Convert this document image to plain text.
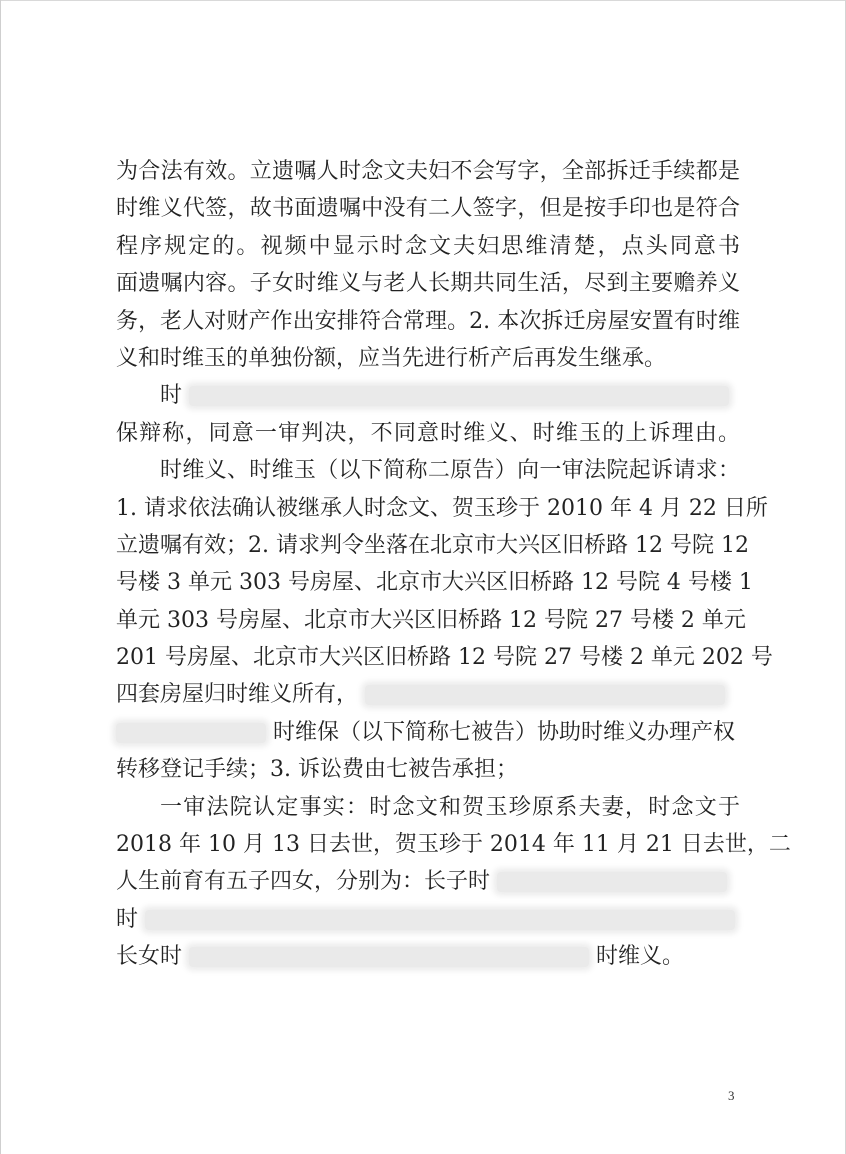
为合法有效。立遗嘱人时念文夫妇不会写字，全部拆迁手续都是
时维义代签，故书面遗嘱中没有二人签字，但是按手印也是符合
程序规定的。视频中显示时念文夫妇思维清楚，点头同意书
面遗嘱内容。子女时维义与老人长期共同生活，尽到主要赡养义
务，老人对财产作出安排符合常理。2. 本次拆迁房屋安置有时维
义和时维玉的单独份额，应当先进行析产后再发生继承。
时
保辩称，同意一审判决，不同意时维义、时维玉的上诉理由。
时维义、时维玉（以下简称二原告）向一审法院起诉请求：
1. 请求依法确认被继承人时念文、贺玉珍于 2010 年 4 月 22 日所
立遗嘱有效；2. 请求判令坐落在北京市大兴区旧桥路 12 号院 12
号楼 3 单元 303 号房屋、北京市大兴区旧桥路 12 号院 4 号楼 1
单元 303 号房屋、北京市大兴区旧桥路 12 号院 27 号楼 2 单元
201 号房屋、北京市大兴区旧桥路 12 号院 27 号楼 2 单元 202 号
四套房屋归时维义所有，
时维保（以下简称七被告）协助时维义办理产权
转移登记手续；3. 诉讼费由七被告承担；
一审法院认定事实：时念文和贺玉珍原系夫妻，时念文于
2018 年 10 月 13 日去世，贺玉珍于 2014 年 11 月 21 日去世，二
人生前育有五子四女，分别为：长子时
时
长女时	时维义。
3
